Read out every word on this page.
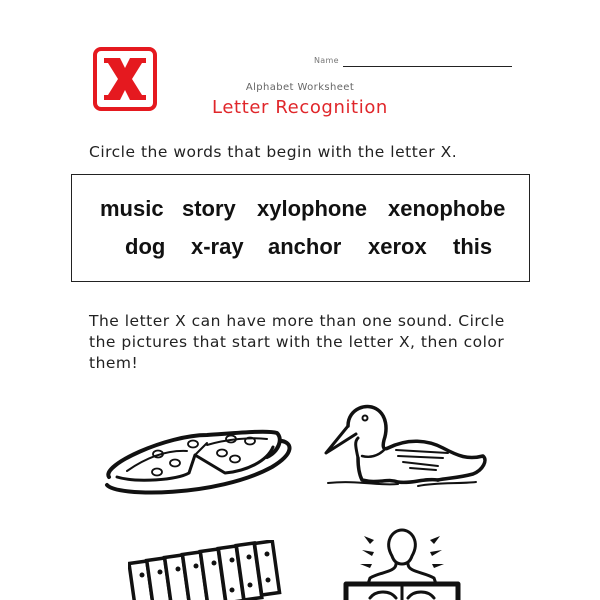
Name
Alphabet Worksheet
Letter Recognition
Circle the words that begin with the letter X.
music story xylophone xenophobe
dog x-ray anchor xerox this
The letter X can have more than one sound. Circle the pictures that start with the letter X, then color them!
